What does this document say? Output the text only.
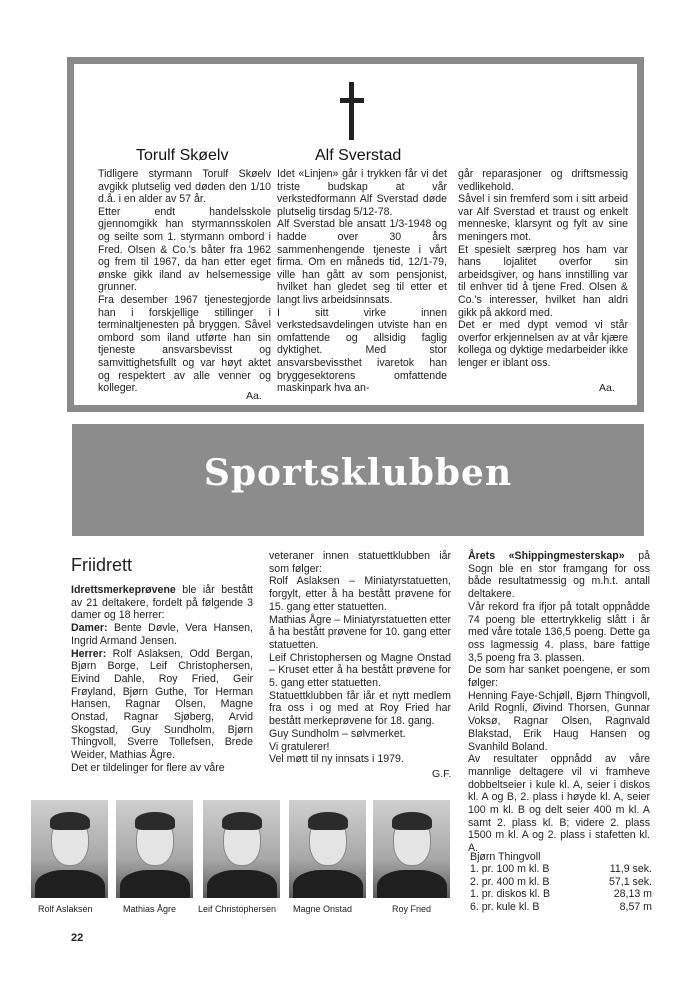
Torulf Skøelv

Tidligere styrmann Torulf Skøelv avgikk plutselig ved døden den 1/10 d.å. i en alder av 57 år.

Etter endt handelsskole gjennomgikk han styrmannsskolen og seilte som 1. styrmann ombord i Fred. Olsen & Co.'s båter fra 1962 og frem til 1967, da han etter eget ønske gikk iland av helsemessige grunner.

Fra desember 1967 tjenestegjorde han i forskjellige stillinger i terminaltjenesten på bryggen. Såvel ombord som iland utførte han sin tjeneste ansvarsbevisst og samvittighetsfullt og var høyt aktet og respektert av alle venner og kolleger.

Aa.
Alf Sverstad

Idet «Linjen» går i trykken får vi det triste budskap at vår verkstedformann Alf Sverstad døde plutselig tirsdag 5/12-78.

Alf Sverstad ble ansatt 1/3-1948 og hadde over 30 års sammenhengende tjeneste i vårt firma. Om en måneds tid, 12/1-79, ville han gått av som pensjonist, hvilket han gledet seg til etter et langt livs arbeidsinnsats.

I sitt virke innen verkstedsavdelingen utviste han en omfattende og allsidig faglig dyktighet. Med stor ansvarsbevissthet ivaretok han bryggesektorens omfattende maskinpark hva an-

går reparasjoner og driftsmessig vedlikehold.

Såvel i sin fremferd som i sitt arbeid var Alf Sverstad et traust og enkelt menneske, klarsynt og fylt av sine meningers mot.

Et spesielt særpreg hos ham var hans lojalitet overfor sin arbeidsgiver, og hans innstilling var til enhver tid å tjene Fred. Olsen & Co.'s interesser, hvilket han aldri gikk på akkord med.

Det er med dypt vemod vi står overfor erkjennelsen av at vår kjære kollega og dyktige medarbeider ikke lenger er iblant oss.

Aa.
Sportsklubben
Friidrett

Idrettsmerkeprøvene ble iår bestått av 21 deltakere, fordelt på følgende 3 damer og 18 herrer:

Damer: Bente Døvle, Vera Hansen, Ingrid Armand Jensen.

Herrer: Rolf Aslaksen, Odd Bergan, Bjørn Borge, Leif Christophersen, Eivind Dahle, Roy Fried, Geir Frøyland, Bjørn Guthe, Tor Herman Hansen, Ragnar Olsen, Magne Onstad, Ragnar Sjøberg, Arvid Skogstad, Guy Sundholm, Bjørn Thingvoll, Sverre Tollefsen, Brede Weider, Mathias Ågre.

Det er tildelinger for flere av våre

veteraner innen statuettklubben iår som følger:

Rolf Aslaksen – Miniatyrstatuetten, forgylt, etter å ha bestått prøvene for 15. gang etter statuetten.

Mathias Ågre – Miniatyrstatuetten etter å ha bestått prøvene for 10. gang etter statuetten.

Leif Christophersen og Magne Onstad – Kruset etter å ha bestått prøvene for 5. gang etter statuetten.

Statuettklubben får iår et nytt medlem fra oss i og med at Roy Fried har bestått merkeprøvene for 18. gang.

Guy Sundholm – sølvmerket.

Vi gratulerer!

Vel møtt til ny innsats i 1979.

G.F.

Årets «Shippingmesterskap» på Sogn ble en stor framgang for oss både resultatmessig og m.h.t. antall deltakere.

Vår rekord fra ifjor på totalt oppnådde 74 poeng ble ettertrykkelig slått i år med våre totale 136,5 poeng. Dette ga oss lagmessig 4. plass, bare fattige 3,5 poeng fra 3. plassen.

De som har sanket poengene, er som følger:

Henning Faye-Schjøll, Bjørn Thingvoll, Arild Rognli, Øivind Thorsen, Gunnar Voksø, Ragnar Olsen, Ragnvald Blakstad, Erik Haug Hansen og Svanhild Boland.

Av resultater oppnådd av våre mannlige deltagere vil vi framheve dobbeltseier i kule kl. A, seier i diskos kl. A og B, 2. plass i høyde kl. A, seier 100 m kl. B og delt seier 400 m kl. A samt 2. plass kl. B; videre 2. plass 1500 m kl. A og 2. plass i stafetten kl. A.

Bjørn Thingvoll
1. pr. 100 m kl. B	11,9 sek.
2. pr. 400 m kl. B	57,1 sek.
1. pr. diskos kl. B	28,13 m
6. pr. kule kl. B	8,57 m
Rolf Aslaksen	Mathias Ågre Leif Christophersen Magne Onstad	Roy Fried
22
